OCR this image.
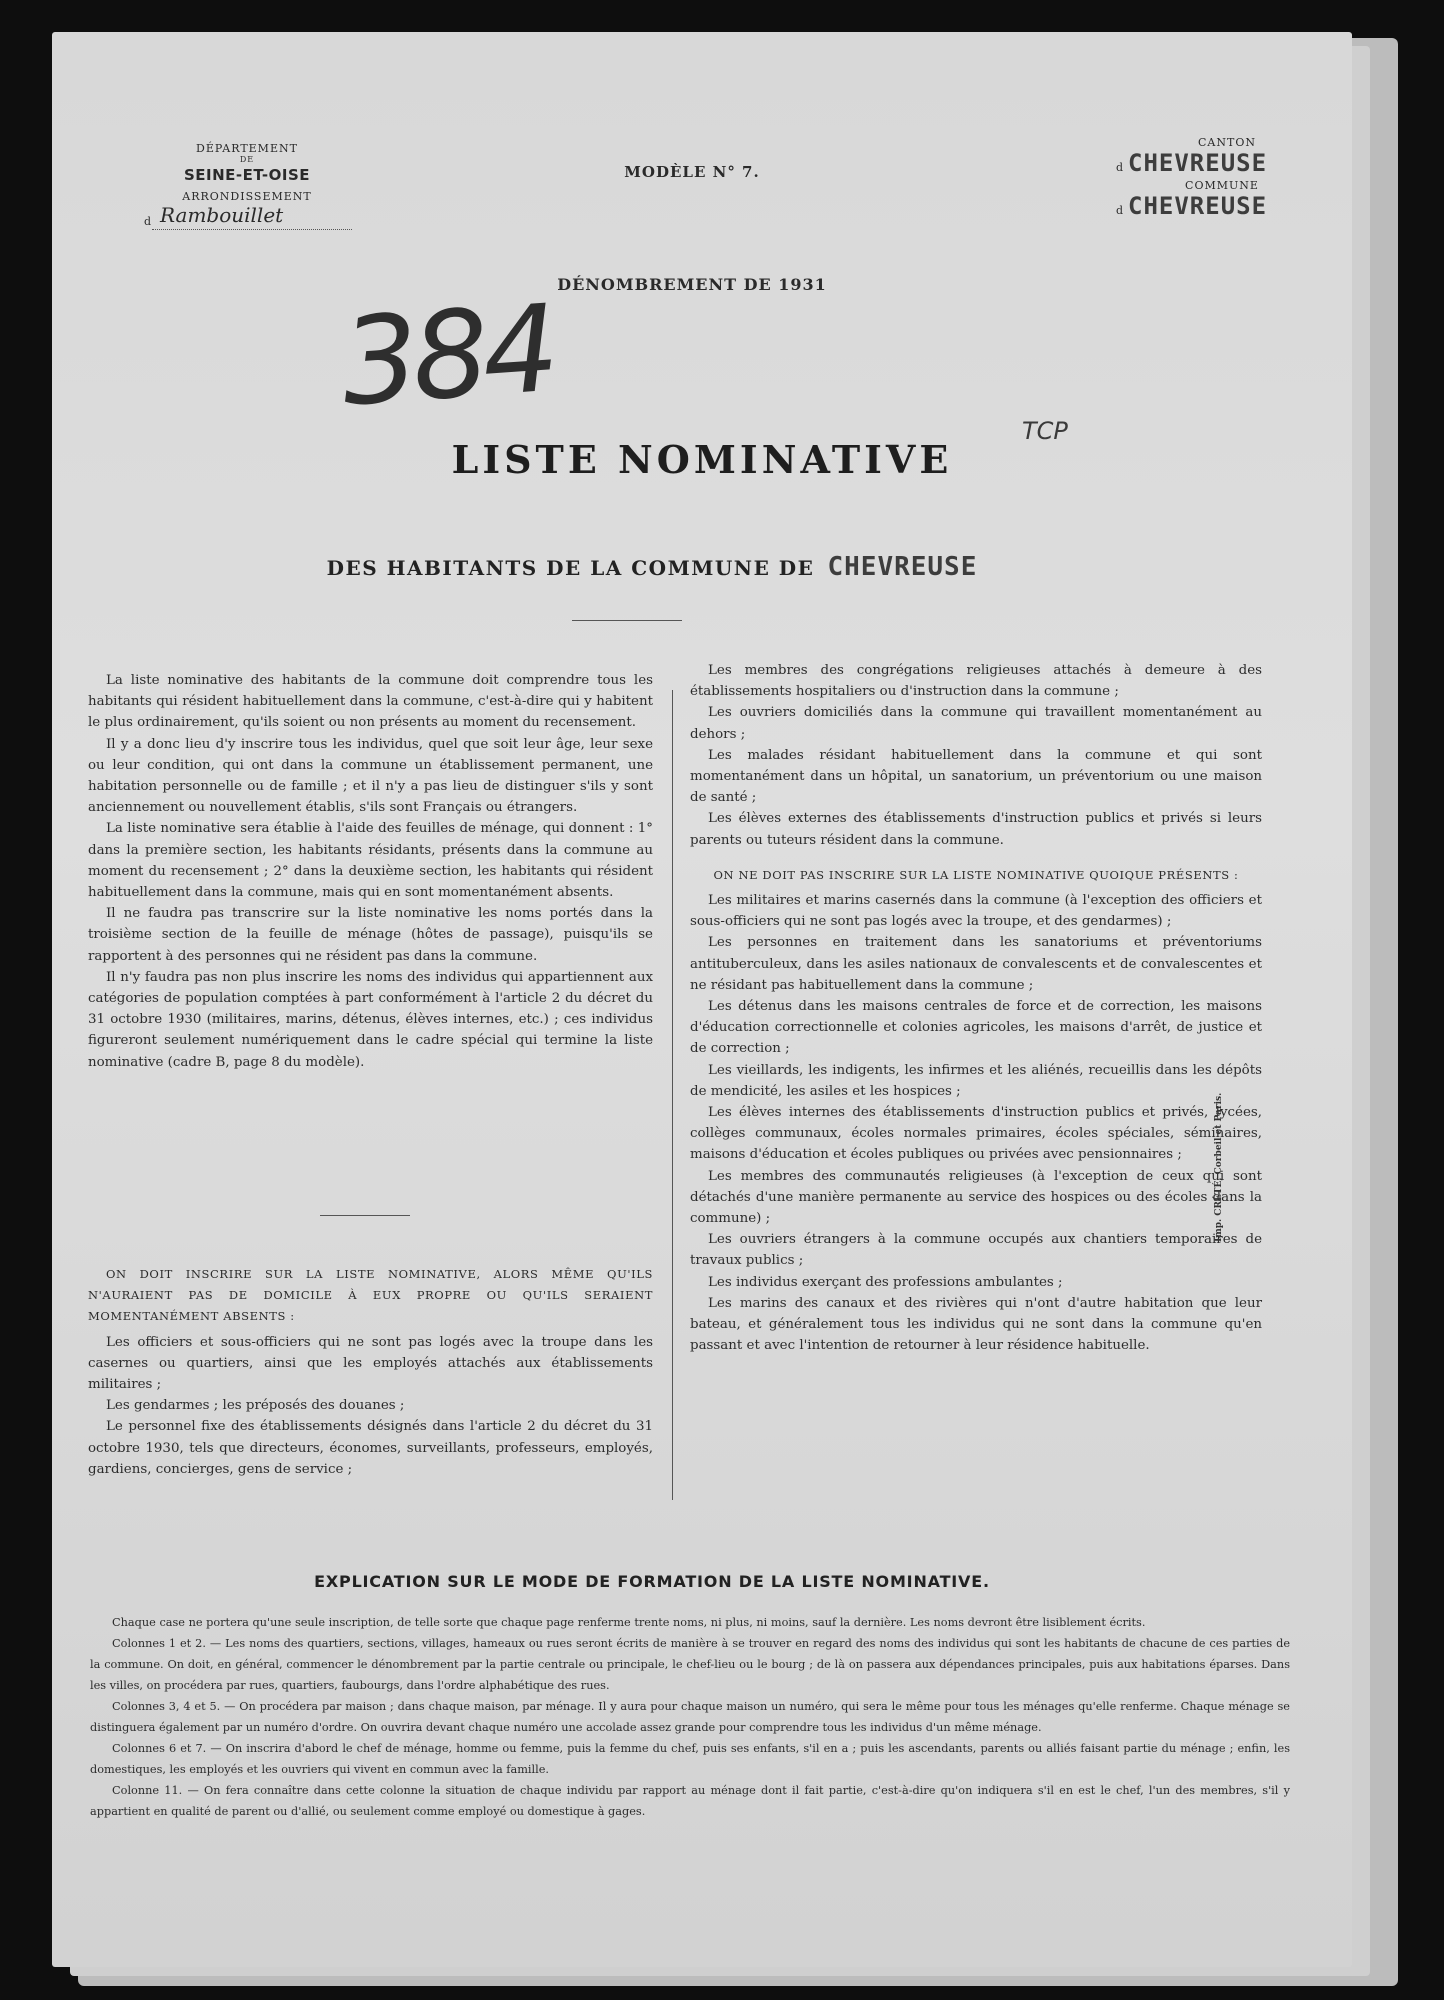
DÉPARTEMENT
DE
SEINE-ET-OISE
ARRONDISSEMENT
d Rambouillet
MODÈLE N° 7.
DÉNOMBREMENT DE 1931
CANTON
d CHEVREUSE
COMMUNE
d CHEVREUSE
384	TCP
LISTE NOMINATIVE
DES HABITANTS DE LA COMMUNE DE CHEVREUSE

La liste nominative des habitants de la commune doit comprendre tous les habitants qui résident habituellement dans la commune, c'est-à-dire qui y habitent le plus ordinairement, qu'ils soient ou non présents au moment du recensement.

Il y a donc lieu d'y inscrire tous les individus, quel que soit leur âge, leur sexe ou leur condition, qui ont dans la commune un établissement permanent, une habitation personnelle ou de famille ; et il n'y a pas lieu de distinguer s'ils y sont anciennement ou nouvellement établis, s'ils sont Français ou étrangers.

La liste nominative sera établie à l'aide des feuilles de ménage, qui donnent : 1° dans la première section, les habitants résidants, présents dans la commune au moment du recensement ; 2° dans la deuxième section, les habitants qui résident habituellement dans la commune, mais qui en sont momentanément absents.

Il ne faudra pas transcrire sur la liste nominative les noms portés dans la troisième section de la feuille de ménage (hôtes de passage), puisqu'ils se rapportent à des personnes qui ne résident pas dans la commune.

Il n'y faudra pas non plus inscrire les noms des individus qui appartiennent aux catégories de population comptées à part conformément à l'article 2 du décret du 31 octobre 1930 (militaires, marins, détenus, élèves internes, etc.) ; ces individus figureront seulement numériquement dans le cadre spécial qui termine la liste nominative (cadre B, page 8 du modèle).

ON DOIT INSCRIRE SUR LA LISTE NOMINATIVE, ALORS MÊME QU'ILS N'AURAIENT PAS DE DOMICILE À EUX PROPRE OU QU'ILS SERAIENT MOMENTANÉMENT ABSENTS :

Les officiers et sous-officiers qui ne sont pas logés avec la troupe dans les casernes ou quartiers, ainsi que les employés attachés aux établissements militaires ;

Les gendarmes ; les préposés des douanes ;

Le personnel fixe des établissements désignés dans l'article 2 du décret du 31 octobre 1930, tels que directeurs, économes, surveillants, professeurs, employés, gardiens, concierges, gens de service ;

Les membres des congrégations religieuses attachés à demeure à des établissements hospitaliers ou d'instruction dans la commune ;

Les ouvriers domiciliés dans la commune qui travaillent momentanément au dehors ;

Les malades résidant habituellement dans la commune et qui sont momentanément dans un hôpital, un sanatorium, un préventorium ou une maison de santé ;

Les élèves externes des établissements d'instruction publics et privés si leurs parents ou tuteurs résident dans la commune.

ON NE DOIT PAS INSCRIRE SUR LA LISTE NOMINATIVE QUOIQUE PRÉSENTS :

Les militaires et marins casernés dans la commune (à l'exception des officiers et sous-officiers qui ne sont pas logés avec la troupe, et des gendarmes) ;

Les personnes en traitement dans les sanatoriums et préventoriums antituberculeux, dans les asiles nationaux de convalescents et de convalescentes et ne résidant pas habituellement dans la commune ;

Les détenus dans les maisons centrales de force et de correction, les maisons d'éducation correctionnelle et colonies agricoles, les maisons d'arrêt, de justice et de correction ;

Les vieillards, les indigents, les infirmes et les aliénés, recueillis dans les dépôts de mendicité, les asiles et les hospices ;

Les élèves internes des établissements d'instruction publics et privés, lycées, collèges communaux, écoles normales primaires, écoles spéciales, séminaires, maisons d'éducation et écoles publiques ou privées avec pensionnaires ;

Les membres des communautés religieuses (à l'exception de ceux qui sont détachés d'une manière permanente au service des hospices ou des écoles dans la commune) ;

Les ouvriers étrangers à la commune occupés aux chantiers temporaires de travaux publics ;

Les individus exerçant des professions ambulantes ;

Les marins des canaux et des rivières qui n'ont d'autre habitation que leur bateau, et généralement tous les individus qui ne sont dans la commune qu'en passant et avec l'intention de retourner à leur résidence habituelle.

Imp. CRÉTÉ, Corbeil et Paris.
EXPLICATION SUR LE MODE DE FORMATION DE LA LISTE NOMINATIVE.

Chaque case ne portera qu'une seule inscription, de telle sorte que chaque page renferme trente noms, ni plus, ni moins, sauf la dernière. Les noms devront être lisiblement écrits.

Colonnes 1 et 2. — Les noms des quartiers, sections, villages, hameaux ou rues seront écrits de manière à se trouver en regard des noms des individus qui sont les habitants de chacune de ces parties de la commune. On doit, en général, commencer le dénombrement par la partie centrale ou principale, le chef-lieu ou le bourg ; de là on passera aux dépendances principales, puis aux habitations éparses. Dans les villes, on procédera par rues, quartiers, faubourgs, dans l'ordre alphabétique des rues.

Colonnes 3, 4 et 5. — On procédera par maison ; dans chaque maison, par ménage. Il y aura pour chaque maison un numéro, qui sera le même pour tous les ménages qu'elle renferme. Chaque ménage se distinguera également par un numéro d'ordre. On ouvrira devant chaque numéro une accolade assez grande pour comprendre tous les individus d'un même ménage.

Colonnes 6 et 7. — On inscrira d'abord le chef de ménage, homme ou femme, puis la femme du chef, puis ses enfants, s'il en a ; puis les ascendants, parents ou alliés faisant partie du ménage ; enfin, les domestiques, les employés et les ouvriers qui vivent en commun avec la famille.

Colonne 11. — On fera connaître dans cette colonne la situation de chaque individu par rapport au ménage dont il fait partie, c'est-à-dire qu'on indiquera s'il en est le chef, l'un des membres, s'il y appartient en qualité de parent ou d'allié, ou seulement comme employé ou domestique à gages.
